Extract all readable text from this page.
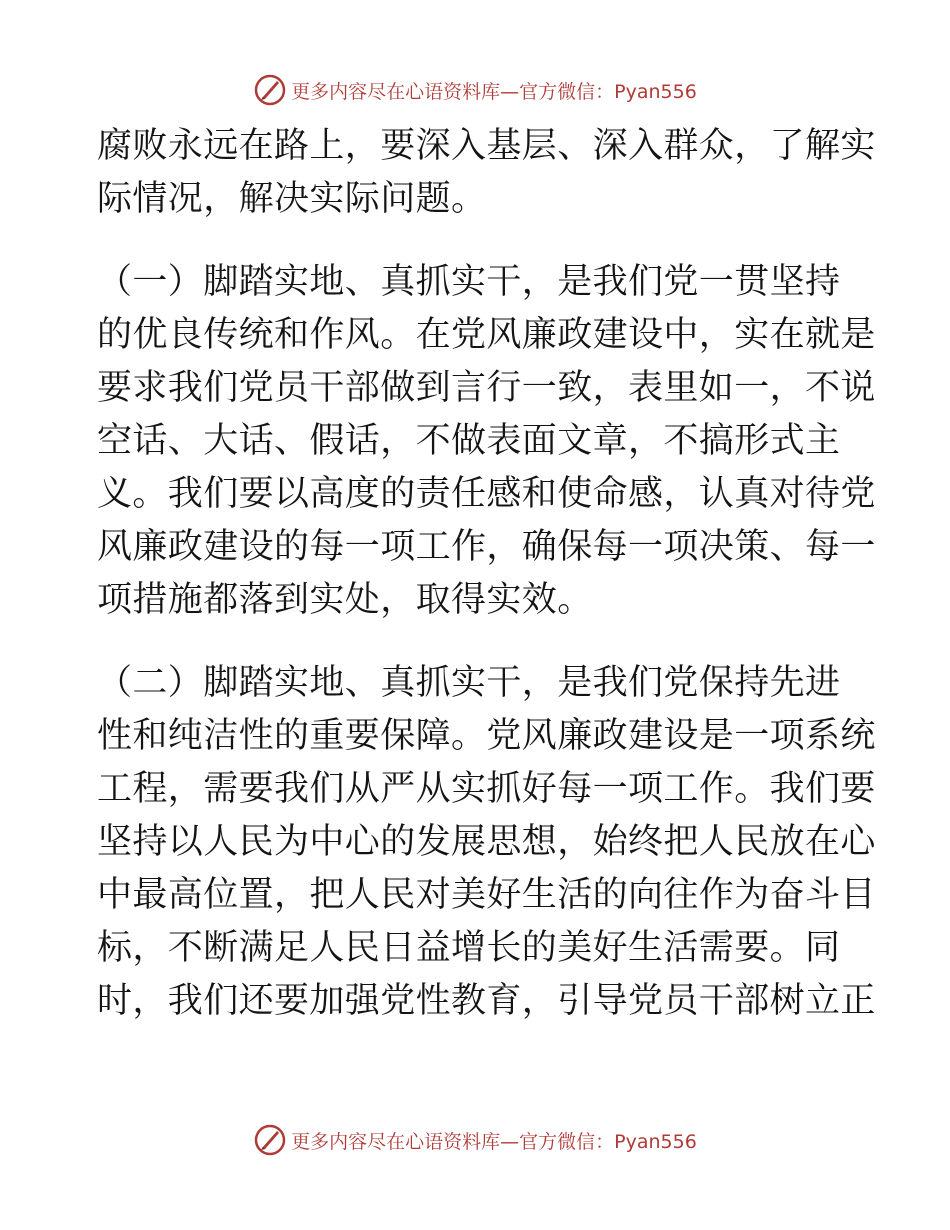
更多内容尽在心语资料库—官方微信：Pyan556
腐败永远在路上，要深入基层、深入群众，了解实
际情况，解决实际问题。
（一）脚踏实地、真抓实干，是我们党一贯坚持
的优良传统和作风。在党风廉政建设中，实在就是
要求我们党员干部做到言行一致，表里如一，不说
空话、大话、假话，不做表面文章，不搞形式主
义。我们要以高度的责任感和使命感，认真对待党
风廉政建设的每一项工作，确保每一项决策、每一
项措施都落到实处，取得实效。
（二）脚踏实地、真抓实干，是我们党保持先进
性和纯洁性的重要保障。党风廉政建设是一项系统
工程，需要我们从严从实抓好每一项工作。我们要
坚持以人民为中心的发展思想，始终把人民放在心
中最高位置，把人民对美好生活的向往作为奋斗目
标，不断满足人民日益增长的美好生活需要。同
时，我们还要加强党性教育，引导党员干部树立正
更多内容尽在心语资料库—官方微信：Pyan556
